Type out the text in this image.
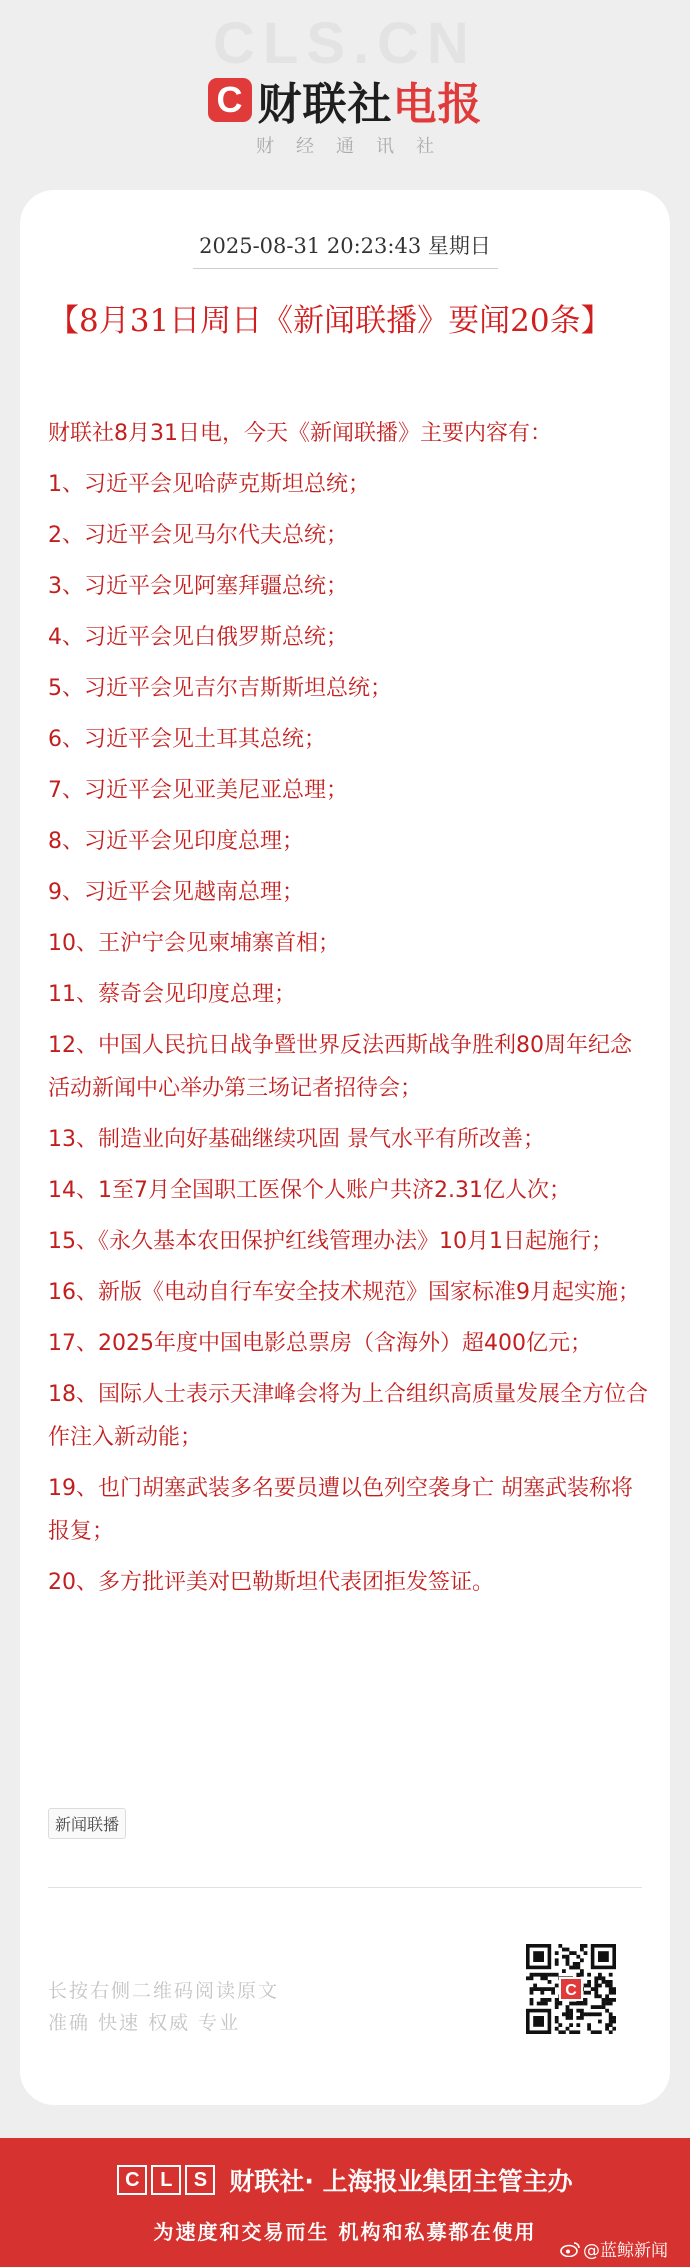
CLS.CN
C 财联社 电报
财经通讯社
2025-08-31 20:23:43 星期日
【8月31日周日《新闻联播》要闻20条】

财联社8月31日电，今天《新闻联播》主要内容有：

1、习近平会见哈萨克斯坦总统；

2、习近平会见马尔代夫总统；

3、习近平会见阿塞拜疆总统；

4、习近平会见白俄罗斯总统；

5、习近平会见吉尔吉斯斯坦总统；

6、习近平会见土耳其总统；

7、习近平会见亚美尼亚总理；

8、习近平会见印度总理；

9、习近平会见越南总理；

10、王沪宁会见柬埔寨首相；

11、蔡奇会见印度总理；

12、中国人民抗日战争暨世界反法西斯战争胜利80周年纪念活动新闻中心举办第三场记者招待会；

13、制造业向好基础继续巩固 景气水平有所改善；

14、1至7月全国职工医保个人账户共济2.31亿人次；

15、《永久基本农田保护红线管理办法》10月1日起施行；

16、新版《电动自行车安全技术规范》国家标准9月起实施；

17、2025年度中国电影总票房（含海外）超400亿元；

18、国际人士表示天津峰会将为上合组织高质量发展全方位合作注入新动能；

19、也门胡塞武装多名要员遭以色列空袭身亡 胡塞武装称将报复；

20、多方批评美对巴勒斯坦代表团拒发签证。

新闻联播
长按右侧二维码阅读原文
准确 快速 权威 专业
C
C	L	S 财联社 · 上海报业集团主管主办
为速度和交易而生 机构和私募都在使用
@蓝鲸新闻
